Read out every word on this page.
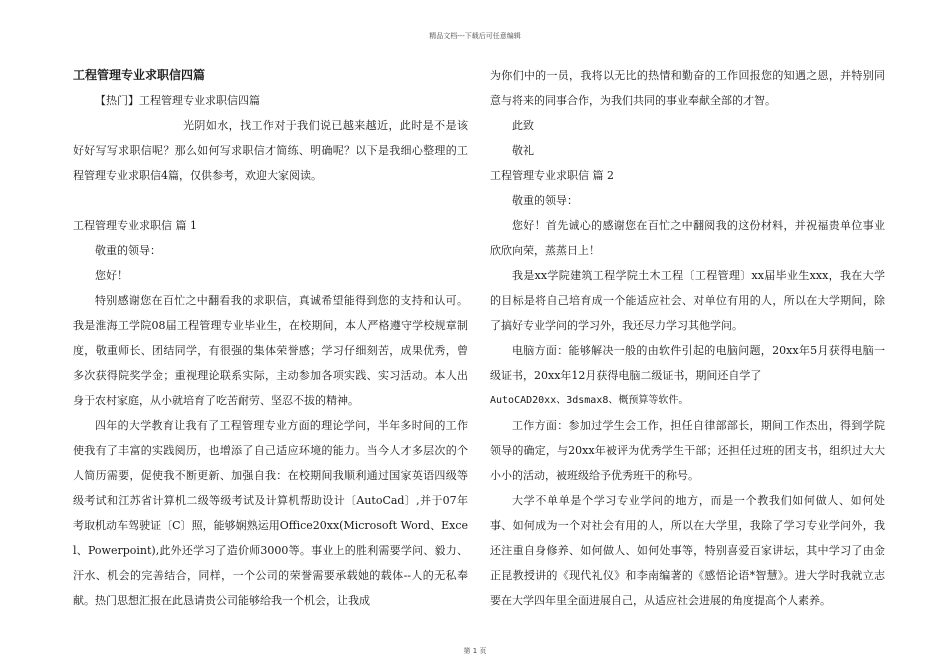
精品文档---下载后可任意编辑

工程管理专业求职信四篇

【热门】工程管理专业求职信四篇

光阴如水，找工作对于我们说已越来越近，此时是不是该好好写写求职信呢？那么如何写求职信才简练、明确呢？以下是我细心整理的工程管理专业求职信4篇，仅供参考，欢迎大家阅读。

工程管理专业求职信 篇 1

敬重的领导：

您好！

特别感谢您在百忙之中翻看我的求职信，真诚希望能得到您的支持和认可。我是淮海工学院08届工程管理专业毕业生，在校期间，本人严格遵守学校规章制度，敬重师长、团结同学，有很强的集体荣誉感；学习仔细刻苦，成果优秀，曾多次获得院奖学金；重视理论联系实际，主动参加各项实践、实习活动。本人出身于农村家庭，从小就培育了吃苦耐劳、坚忍不拔的精神。

四年的大学教育让我有了工程管理专业方面的理论学问，半年多时间的工作使我有了丰富的实践阅历，也增添了自己适应环境的能力。当今人才多层次的个人简历需要，促使我不断更新、加强自我：在校期间我顺利通过国家英语四级等级考试和江苏省计算机二级等级考试及计算机帮助设计〔AutoCad〕,并于07年考取机动车驾驶证〔C〕照，能够娴熟运用Office20xx(Microsoft Word、Excel、Powerpoint),此外还学习了造价师3000等。事业上的胜利需要学问、毅力、汗水、机会的完善结合，同样，一个公司的荣誉需要承载她的载体--人的无私奉献。热门思想汇报在此恳请贵公司能够给我一个机会，让我成

为你们中的一员，我将以无比的热情和勤奋的工作回报您的知遇之恩，并特别同意与将来的同事合作，为我们共同的事业奉献全部的才智。

此致

敬礼

工程管理专业求职信 篇 2

敬重的领导：

您好！首先诚心的感谢您在百忙之中翻阅我的这份材料，并祝福贵单位事业欣欣向荣，蒸蒸日上！

我是xx学院建筑工程学院土木工程〔工程管理〕xx届毕业生xxx，我在大学的目标是将自己培育成一个能适应社会、对单位有用的人，所以在大学期间，除了搞好专业学问的学习外，我还尽力学习其他学问。

电脑方面：能够解决一般的由软件引起的电脑问题，20xx年5月获得电脑一级证书，20xx年12月获得电脑二级证书，期间还自学了

AutoCAD20xx、3dsmax8、概预算等软件。

工作方面：参加过学生会工作，担任自律部部长，期间工作杰出，得到学院领导的确定，与20xx年被评为优秀学生干部；还担任过班的团支书，组织过大大小小的活动，被班级给予优秀班干的称号。

大学不单单是个学习专业学问的地方，而是一个教我们如何做人、如何处事、如何成为一个对社会有用的人，所以在大学里，我除了学习专业学问外，我还注重自身修养、如何做人、如何处事等，特别喜爱百家讲坛，其中学习了由金正昆教授讲的《现代礼仪》和李南编著的《感悟论语*智慧》。进大学时我就立志要在大学四年里全面进展自己，从适应社会进展的角度提高个人素养。

第 1 页
